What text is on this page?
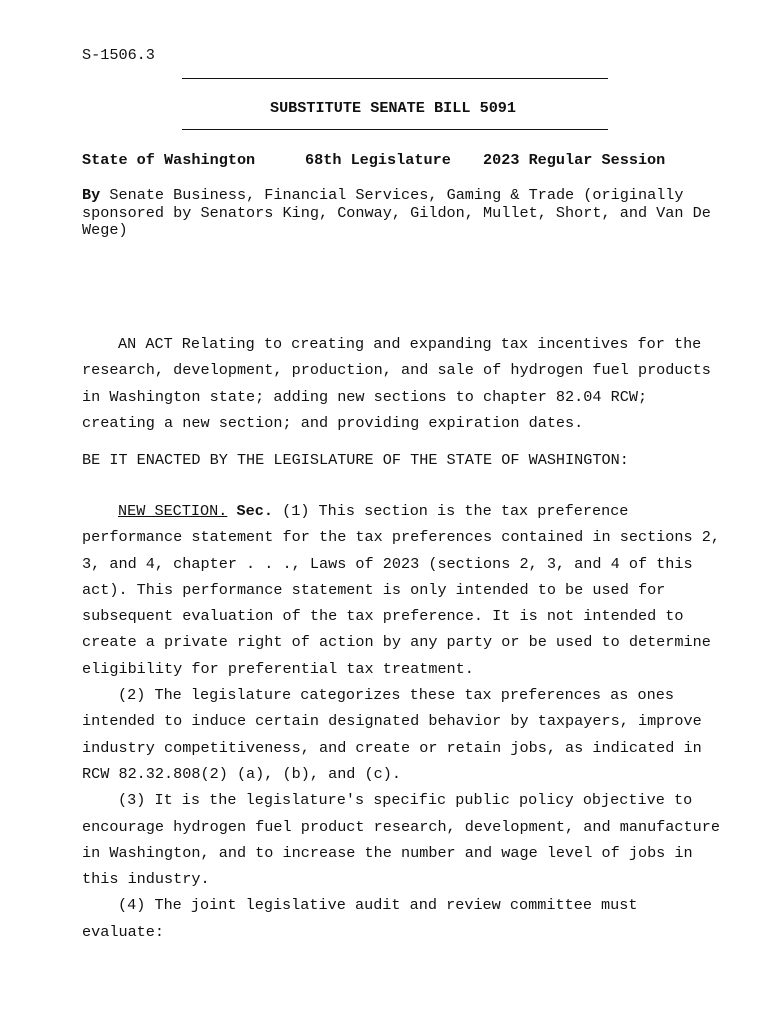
S-1506.3
SUBSTITUTE SENATE BILL 5091
State of Washington	68th Legislature 2023 Regular Session
By Senate Business, Financial Services, Gaming & Trade (originally sponsored by Senators King, Conway, Gildon, Mullet, Short, and Van De Wege)
AN ACT Relating to creating and expanding tax incentives for the research, development, production, and sale of hydrogen fuel products in Washington state; adding new sections to chapter 82.04 RCW; creating a new section; and providing expiration dates.
BE IT ENACTED BY THE LEGISLATURE OF THE STATE OF WASHINGTON:

NEW SECTION. Sec. (1) This section is the tax preference performance statement for the tax preferences contained in sections 2, 3, and 4, chapter . . ., Laws of 2023 (sections 2, 3, and 4 of this act). This performance statement is only intended to be used for subsequent evaluation of the tax preference. It is not intended to create a private right of action by any party or be used to determine eligibility for preferential tax treatment.

(2) The legislature categorizes these tax preferences as ones intended to induce certain designated behavior by taxpayers, improve industry competitiveness, and create or retain jobs, as indicated in RCW 82.32.808(2) (a), (b), and (c).

(3) It is the legislature's specific public policy objective to encourage hydrogen fuel product research, development, and manufacture in Washington, and to increase the number and wage level of jobs in this industry.

(4) The joint legislative audit and review committee must evaluate:
